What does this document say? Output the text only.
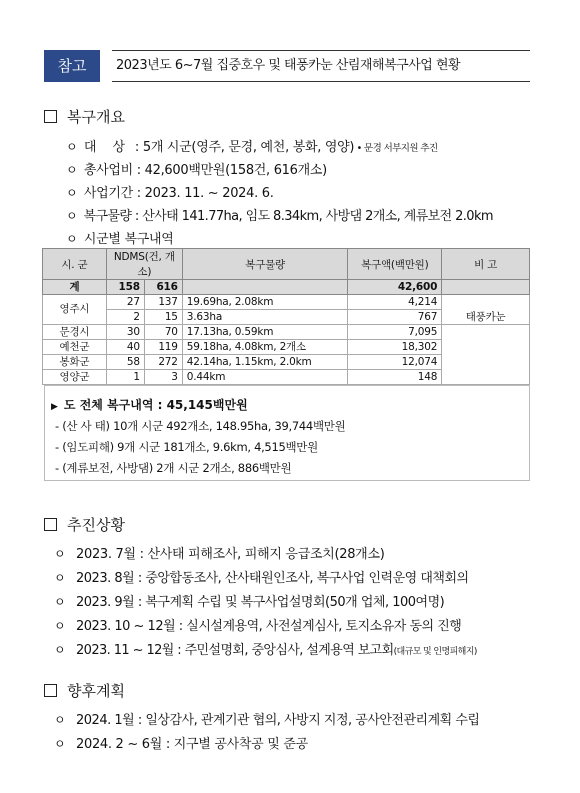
참고	2023년도 6~7월 집중호우 및 태풍카눈 산림재해복구사업 현황
복구개요
ㅇ 대 상 : 5개 시군(영주, 문경, 예천, 봉화, 영양) • 문경 서부지원 추진
ㅇ 총사업비 : 42,600백만원(158건, 616개소)
ㅇ 사업기간 : 2023. 11. ~ 2024. 6.
ㅇ 복구물량 : 산사태 141.77ha, 임도 8.34km, 사방댐 2개소, 계류보전 2.0km
ㅇ 시군별 복구내역
시. 군	NDMS(건, 개소)		복구물량	복구액(백만원)	비 고
계	158	616		42,600	
영주시	27	137	19.69ha, 2.08km	4,214	태풍카눈
	2	15	3.63ha	767	
문경시	30	70	17.13ha, 0.59km	7,095	
예천군	40	119	59.18ha, 4.08km, 2개소	18,302	
봉화군	58	272	42.14ha, 1.15km, 2.0km	12,074	
영양군	1	3	0.44km	148	
▶ 도 전체 복구내역 : 45,145백만원
- (산 사 태) 10개 시군 492개소, 148.95ha, 39,744백만원
- (임도피해) 9개 시군 181개소, 9.6km, 4,515백만원
- (계류보전, 사방댐) 2개 시군 2개소, 886백만원
추진상황
ㅇ 2023. 7월 : 산사태 피해조사, 피해지 응급조치(28개소)
ㅇ 2023. 8월 : 중앙합동조사, 산사태원인조사, 복구사업 인력운영 대책회의
ㅇ 2023. 9월 : 복구계획 수립 및 복구사업설명회(50개 업체, 100여명)
ㅇ 2023. 10 ~ 12월 : 실시설계용역, 사전설계심사, 토지소유자 동의 진행
ㅇ 2023. 11 ~ 12월 : 주민설명회, 중앙심사, 설계용역 보고회(대규모 및 인명피해지)
향후계획
ㅇ 2024. 1월 : 일상감사, 관계기관 협의, 사방지 지정, 공사안전관리계획 수립
ㅇ 2024. 2 ~ 6월 : 지구별 공사착공 및 준공
